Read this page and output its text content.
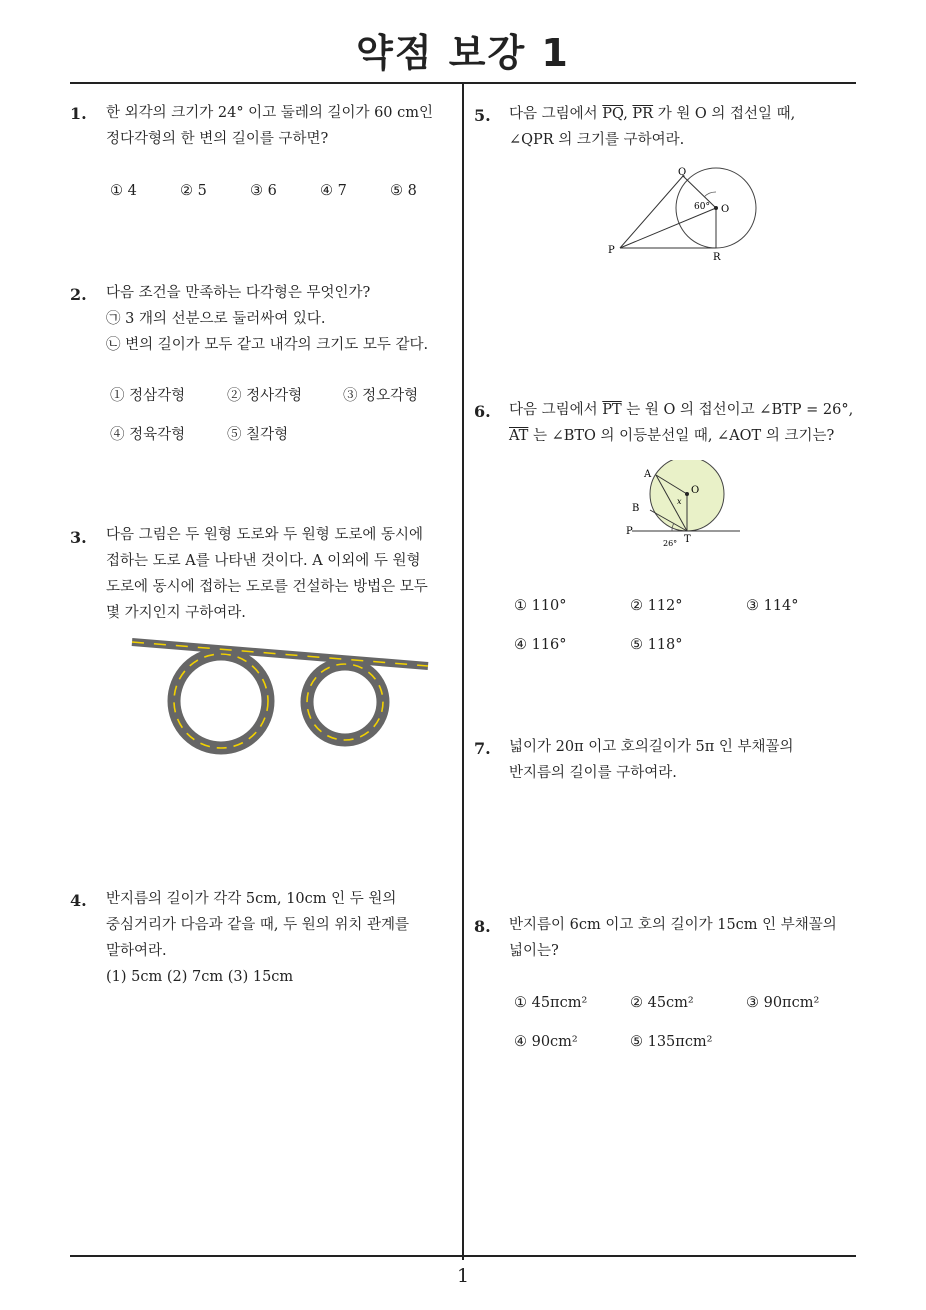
약점 보강 1
1
1. 한 외각의 크기가 24° 이고 둘레의 길이가 60 cm인
정다각형의 한 변의 길이를 구하면?
① 4	② 5	③ 6	④ 7	⑤ 8
2. 다음 조건을 만족하는 다각형은 무엇인가?
㉠ 3 개의 선분으로 둘러싸여 있다.
㉡ 변의 길이가 모두 같고 내각의 크기도 모두 같다.
① 정삼각형	② 정사각형	③ 정오각형
④ 정육각형	⑤ 칠각형
3. 다음 그림은 두 원형 도로와 두 원형 도로에 동시에
접하는 도로 A를 나타낸 것이다. A 이외에 두 원형
도로에 동시에 접하는 도로를 건설하는 방법은 모두
몇 가지인지 구하여라.
4. 반지름의 길이가 각각 5cm, 10cm 인 두 원의
중심거리가 다음과 같을 때, 두 원의 위치 관계를
말하여라.
(1) 5cm (2) 7cm (3) 15cm
5. 다음 그림에서 $\overline{PQ}$, $\overline{PR}$ 가 원 O 의 접선일 때,
∠QPR 의 크기를 구하여라.
Q
O
P
R
60°
6. 다음 그림에서 $\overline{PT}$ 는 원 O 의 접선이고 ∠BTP = 26°,
$\overline{AT}$ 는 ∠BTO 의 이등분선일 때, ∠AOT 의 크기는?
A
O
B
P
T
x
26°
① 110°	② 112°	③ 114°
④ 116°	⑤ 118°
7. 넓이가 20π 이고 호의길이가 5π 인 부채꼴의
반지름의 길이를 구하여라.
8. 반지름이 6cm 이고 호의 길이가 15cm 인 부채꼴의
넓이는?
① 45πcm²	② 45cm²	③ 90πcm²
④ 90cm²	⑤ 135πcm²
